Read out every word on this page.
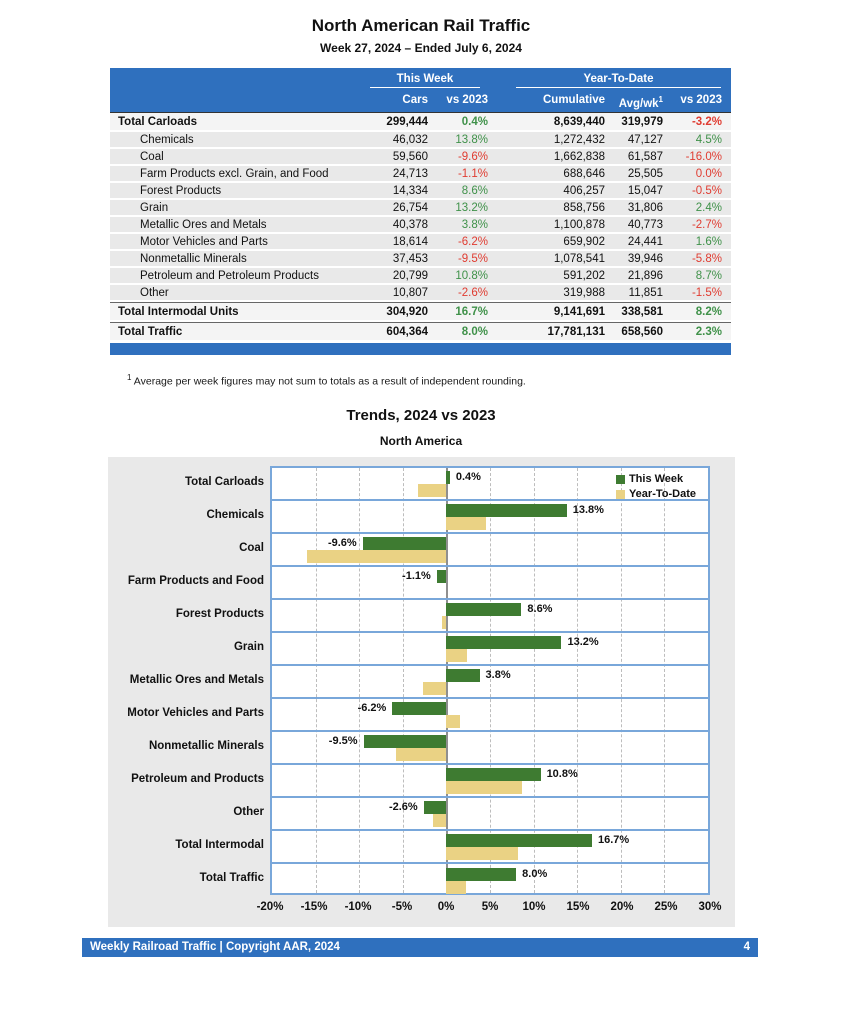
North American Rail Traffic
Week 27, 2024 – Ended July 6, 2024
This Week	Year-To-Date
Cars	vs 2023	Cumulative	Avg/$wk^1$	vs 2023
Total Carloads	299,444	0.4%	8,639,440	319,979	-3.2%
Chemicals	46,032	13.8%	1,272,432	47,127	4.5%
Coal	59,560	-9.6%	1,662,838	61,587	-16.0%
Farm Products excl. Grain, and Food	24,713	-1.1%	688,646	25,505	0.0%
Forest Products	14,334	8.6%	406,257	15,047	-0.5%
Grain	26,754	13.2%	858,756	31,806	2.4%
Metallic Ores and Metals	40,378	3.8%	1,100,878	40,773	-2.7%
Motor Vehicles and Parts	18,614	-6.2%	659,902	24,441	1.6%
Nonmetallic Minerals	37,453	-9.5%	1,078,541	39,946	-5.8%
Petroleum and Petroleum Products	20,799	10.8%	591,202	21,896	8.7%
Other	10,807	-2.6%	319,988	11,851	-1.5%
Total Intermodal Units	304,920	16.7%	9,141,691	338,581	8.2%
Total Traffic	604,364	8.0%	17,781,131	658,560	2.3%
$^1$ Average per week figures may not sum to totals as a result of independent rounding.
Trends, 2024 vs 2023
North America
Total Carloads
Chemicals
Coal
Farm Products and Food
Forest Products
Grain
Metallic Ores and Metals
Motor Vehicles and Parts
Nonmetallic Minerals
Petroleum and Products
Other
Total Intermodal
Total Traffic
0.4%
13.8%
-9.6%
-1.1%
8.6%
13.2%
3.8%
-6.2%
-9.5%
10.8%
-2.6%
16.7%
8.0%
This Week
Year-To-Date
-20% -15% -10% -5% 0% 5% 10% 15% 20% 25% 30%
Weekly Railroad Traffic | Copyright AAR, 2024	4
